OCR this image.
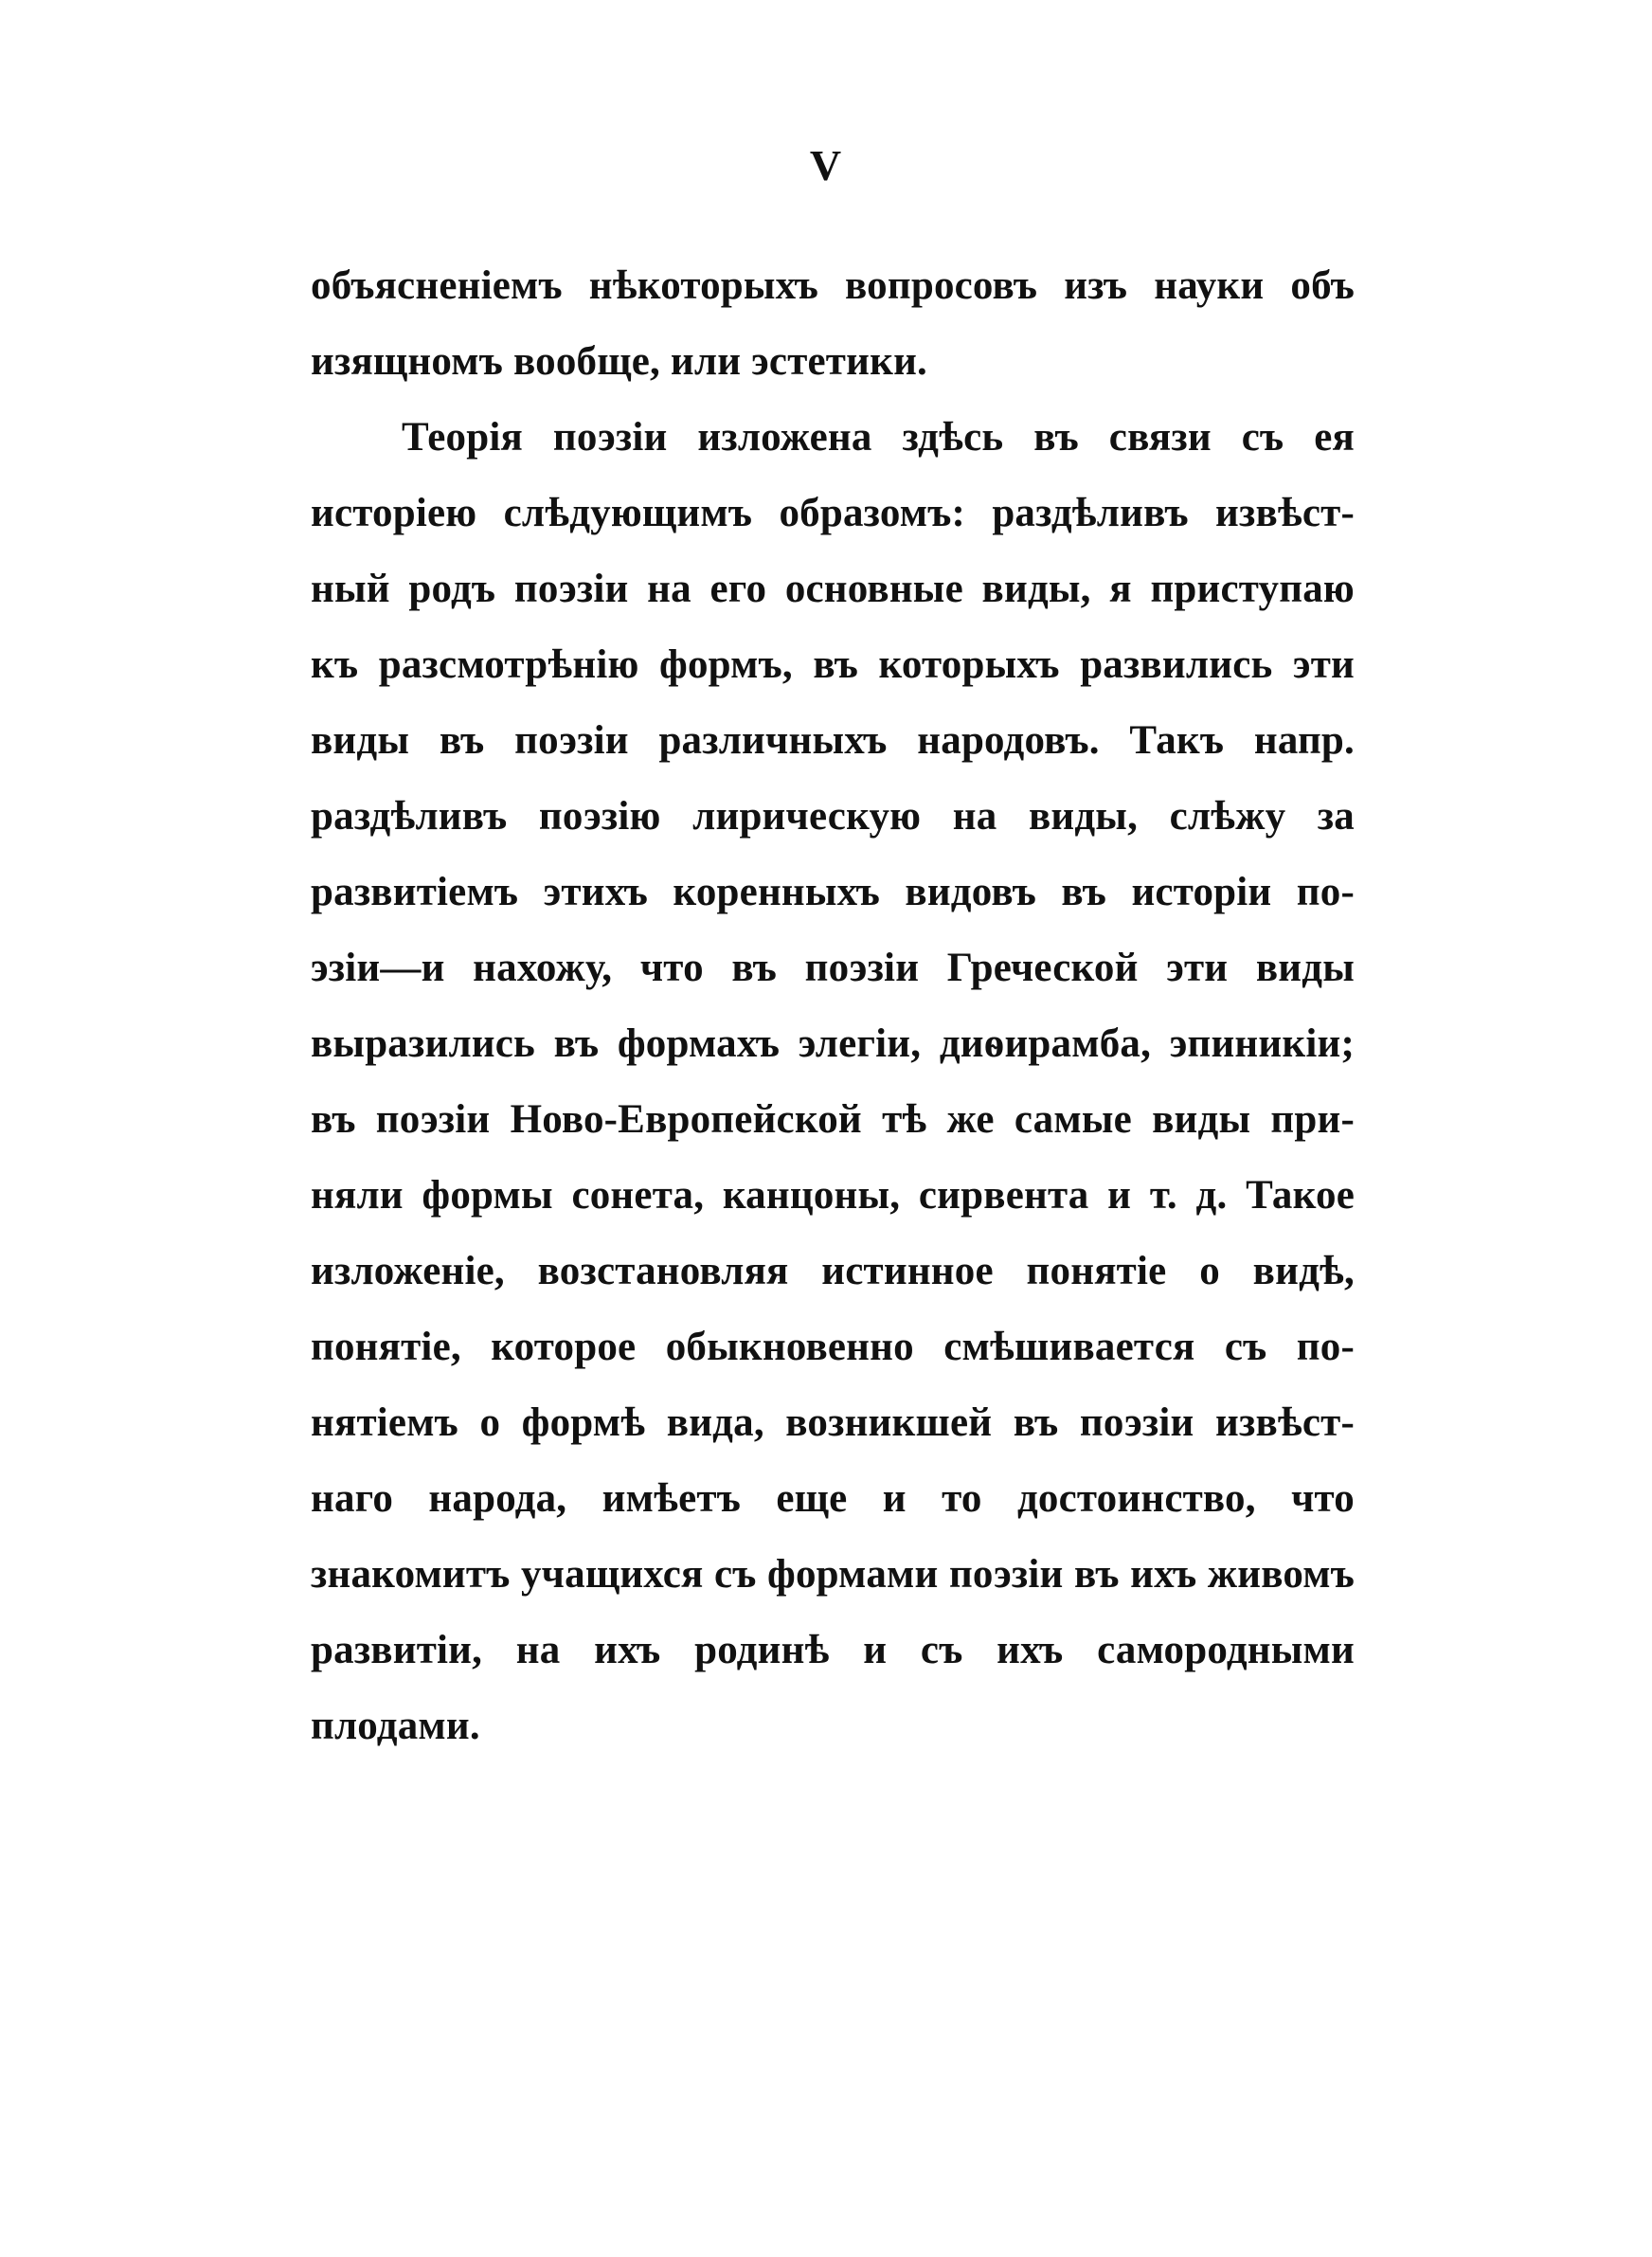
V
объясненіемъ нѣкоторыхъ вопросовъ изъ науки объ
изящномъ вообще, или эстетики.
Теорія поэзіи изложена здѣсь въ связи съ ея
исторіею слѣдующимъ образомъ: раздѣливъ извѣст-
ный родъ поэзіи на его основные виды, я приступаю
къ разсмотрѣнію формъ, въ которыхъ развились эти
виды въ поэзіи различныхъ народовъ. Такъ напр.
раздѣливъ поэзію лирическую на виды, слѣжу за
развитіемъ этихъ коренныхъ видовъ въ исторіи по-
эзіи—и нахожу, что въ поэзіи Греческой эти виды
выразились въ формахъ элегіи, диѳирамба, эпиникіи;
въ поэзіи Ново-Европейской тѣ же самые виды при-
няли формы сонета, канцоны, сирвента и т. д. Такое
изложеніе, возстановляя истинное понятіе о видѣ,
понятіе, которое обыкновенно смѣшивается съ по-
нятіемъ о формѣ вида, возникшей въ поэзіи извѣст-
наго народа, имѣетъ еще и то достоинство, что
знакомитъ учащихся съ формами поэзіи въ ихъ живомъ
развитіи, на ихъ родинѣ и съ ихъ самородными
плодами.
